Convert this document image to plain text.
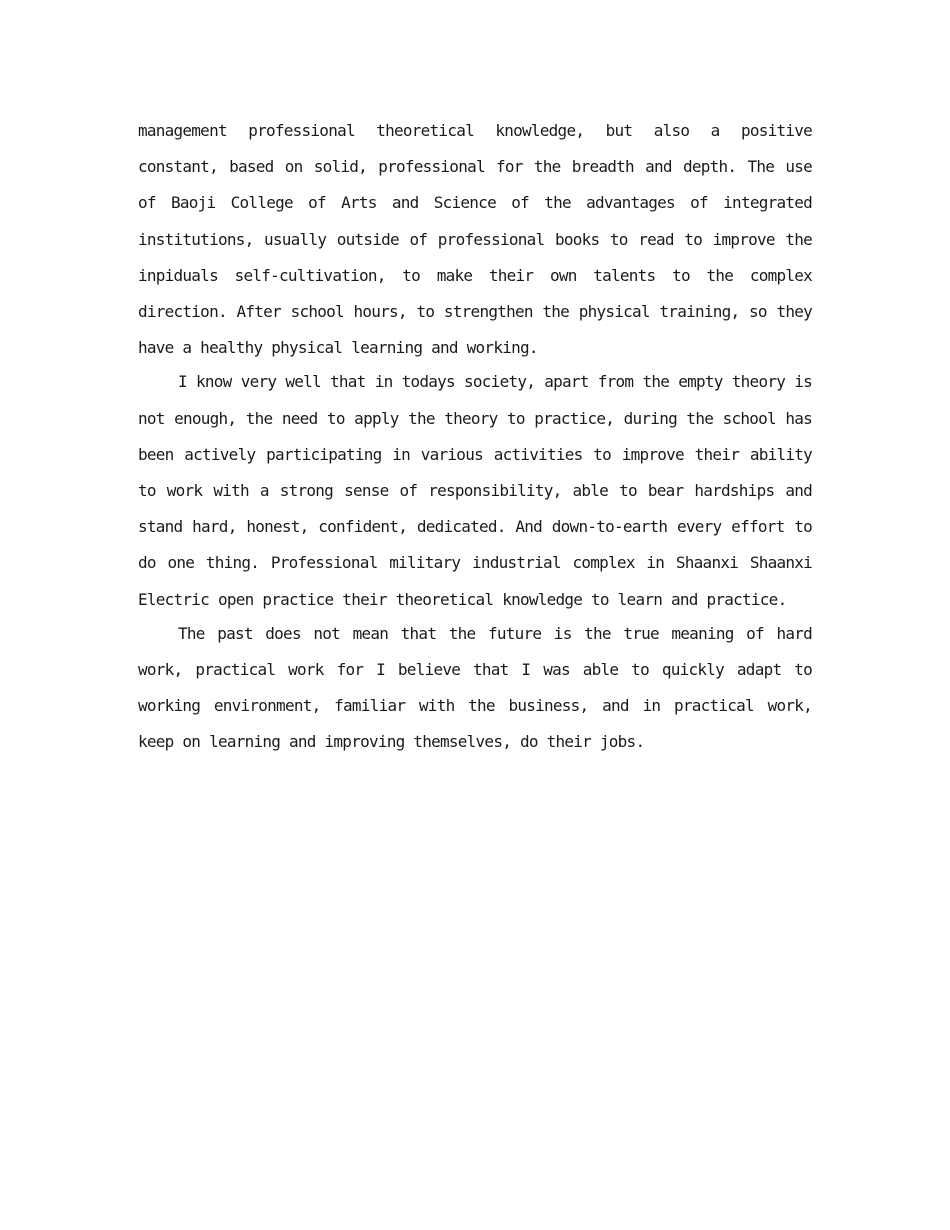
management professional theoretical knowledge, but also a positive constant, based on solid, professional for the breadth and depth. The use of Baoji College of Arts and Science of the advantages of integrated institutions, usually outside of professional books to read to improve the inpiduals self-cultivation, to make their own talents to the complex direction. After school hours, to strengthen the physical training, so they have a healthy physical learning and working.

I know very well that in todays society, apart from the empty theory is not enough, the need to apply the theory to practice, during the school has been actively participating in various activities to improve their ability to work with a strong sense of responsibility, able to bear hardships and stand hard, honest, confident, dedicated. And down-to-earth every effort to do one thing. Professional military industrial complex in Shaanxi Shaanxi Electric open practice their theoretical knowledge to learn and practice.

The past does not mean that the future is the true meaning of hard work, practical work for I believe that I was able to quickly adapt to working environment, familiar with the business, and in practical work, keep on learning and improving themselves, do their jobs.
